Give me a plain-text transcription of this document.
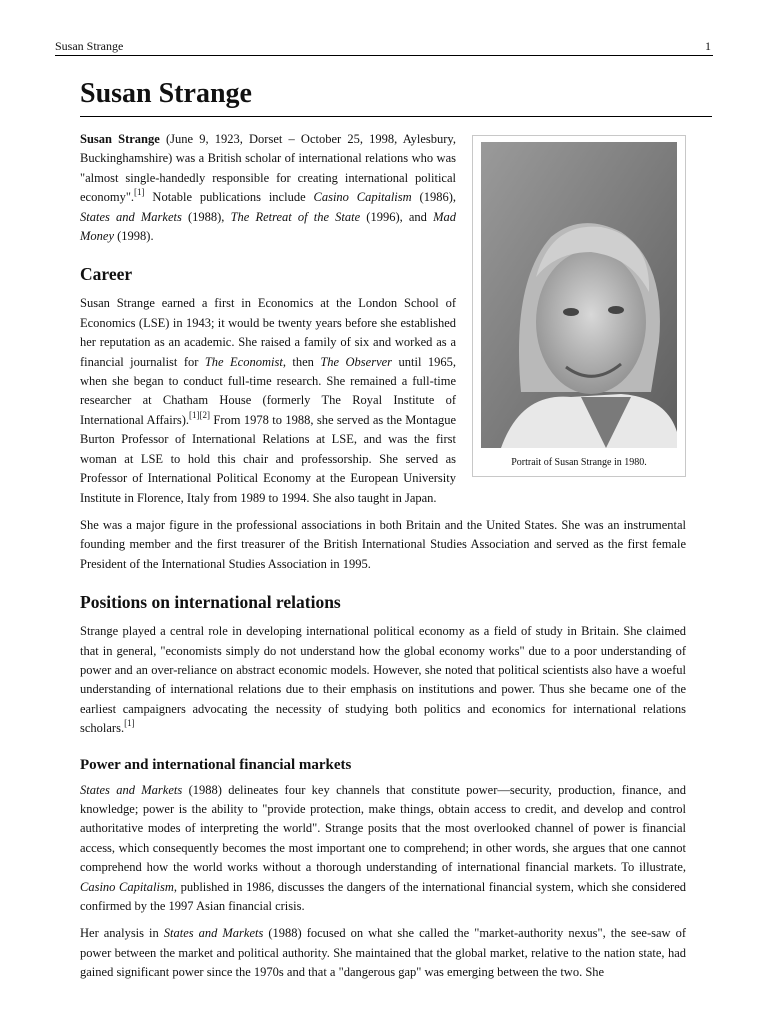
Susan Strange	1
Susan Strange
Portrait of Susan Strange in 1980.

Susan Strange (June 9, 1923, Dorset – October 25, 1998, Aylesbury, Buckinghamshire) was a British scholar of international relations who was "almost single-handedly responsible for creating international political economy".[1] Notable publications include Casino Capitalism (1986), States and Markets (1988), The Retreat of the State (1996), and Mad Money (1998).

Career

Susan Strange earned a first in Economics at the London School of Economics (LSE) in 1943; it would be twenty years before she established her reputation as an academic. She raised a family of six and worked as a financial journalist for The Economist, then The Observer until 1965, when she began to conduct full-time research. She remained a full-time researcher at Chatham House (formerly The Royal Institute of International Affairs).[1][2] From 1978 to 1988, she served as the Montague Burton Professor of International Relations at LSE, and was the first woman at LSE to hold this chair and professorship. She served as Professor of International Political Economy at the European University Institute in Florence, Italy from 1989 to 1994. She also taught in Japan.

She was a major figure in the professional associations in both Britain and the United States. She was an instrumental founding member and the first treasurer of the British International Studies Association and served as the first female President of the International Studies Association in 1995.

Positions on international relations

Strange played a central role in developing international political economy as a field of study in Britain. She claimed that in general, "economists simply do not understand how the global economy works" due to a poor understanding of power and an over-reliance on abstract economic models. However, she noted that political scientists also have a woeful understanding of international relations due to their emphasis on institutions and power. Thus she became one of the earliest campaigners advocating the necessity of studying both politics and economics for international relations scholars.[1]

Power and international financial markets

States and Markets (1988) delineates four key channels that constitute power—security, production, finance, and knowledge; power is the ability to "provide protection, make things, obtain access to credit, and develop and control authoritative modes of interpreting the world". Strange posits that the most overlooked channel of power is financial access, which consequently becomes the most important one to comprehend; in other words, she argues that one cannot comprehend how the world works without a thorough understanding of international financial markets. To illustrate, Casino Capitalism, published in 1986, discusses the dangers of the international financial system, which she considered confirmed by the 1997 Asian financial crisis.

Her analysis in States and Markets (1988) focused on what she called the "market-authority nexus", the see-saw of power between the market and political authority. She maintained that the global market, relative to the nation state, had gained significant power since the 1970s and that a "dangerous gap" was emerging between the two. She
